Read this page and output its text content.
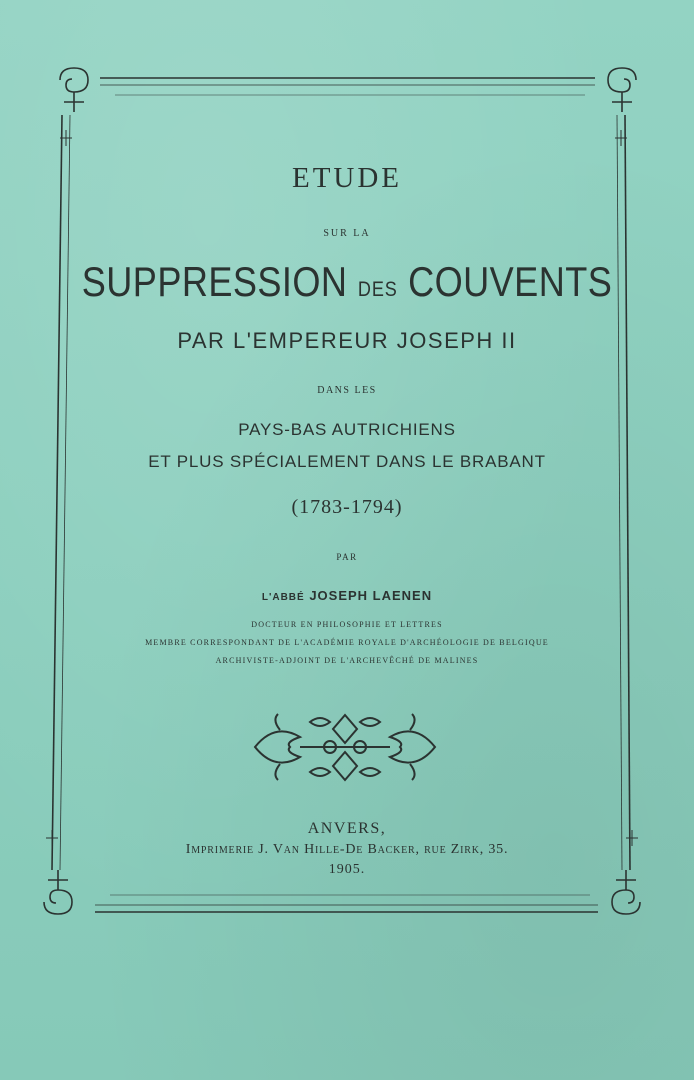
ETUDE
SUR LA
SUPPRESSION DES COUVENTS
PAR L'EMPEREUR JOSEPH II
DANS LES
PAYS-BAS AUTRICHIENS
ET PLUS SPÉCIALEMENT DANS LE BRABANT
(1783-1794)
PAR
L'ABBÉ JOSEPH LAENEN
DOCTEUR EN PHILOSOPHIE ET LETTRES
MEMBRE CORRESPONDANT DE L'ACADÉMIE ROYALE D'ARCHÉOLOGIE DE BELGIQUE
ARCHIVISTE-ADJOINT DE L'ARCHEVÊCHÉ DE MALINES
ANVERS,
Imprimerie J. Van Hille-De Backer, rue Zirk, 35.
1905.
